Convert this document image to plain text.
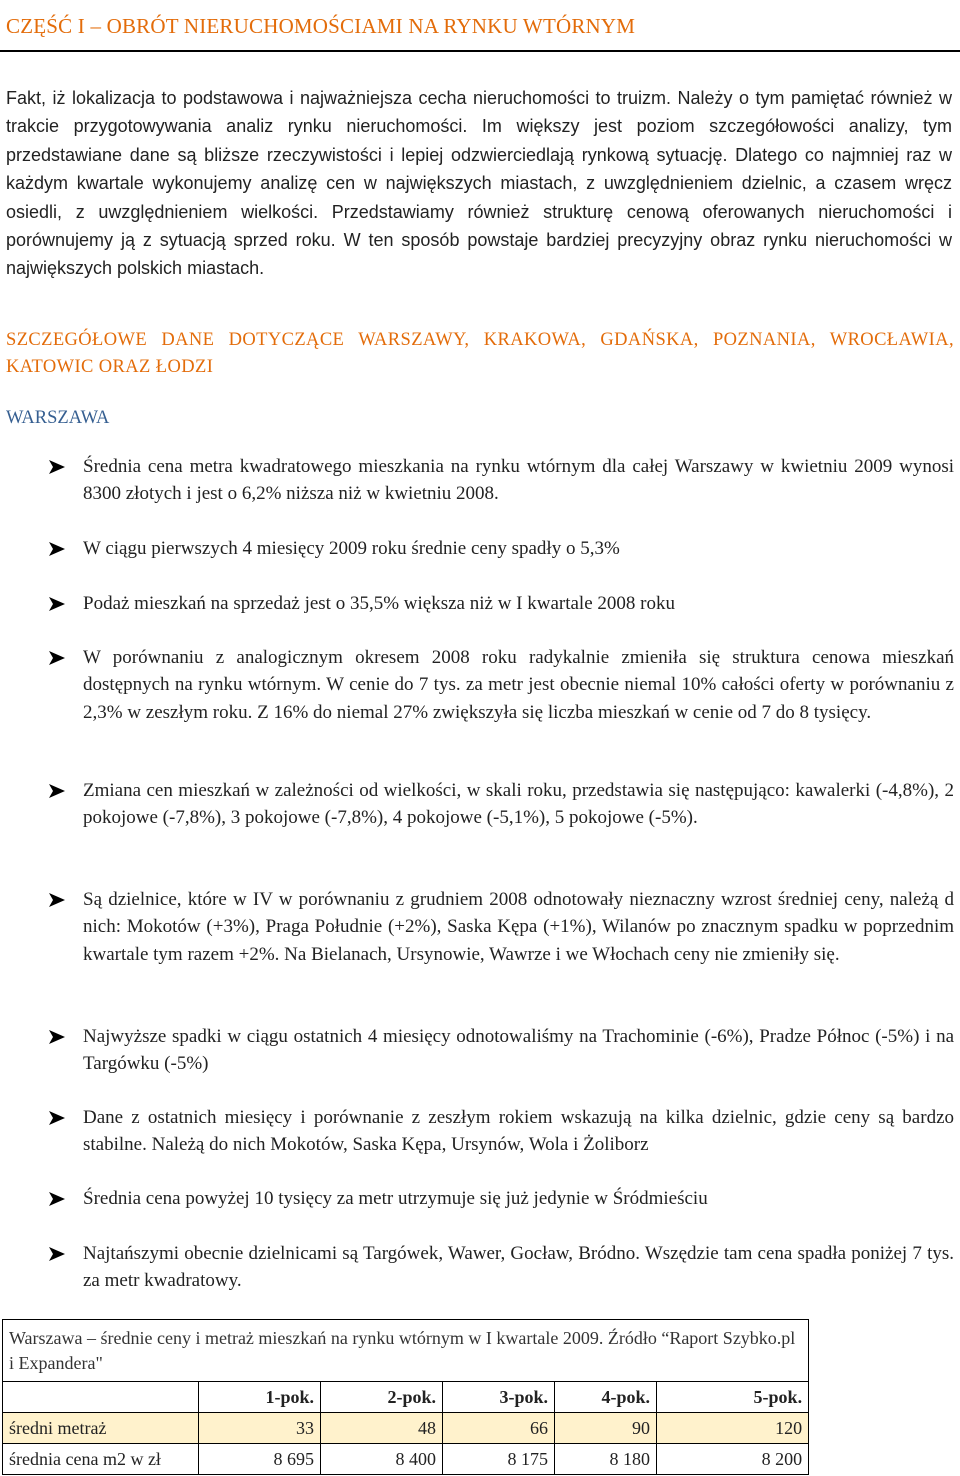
CZĘŚĆ I – OBRÓT NIERUCHOMOŚCIAMI NA RYNKU WTÓRNYM

Fakt, iż lokalizacja to podstawowa i najważniejsza cecha nieruchomości to truizm. Należy o tym pamiętać również w trakcie przygotowywania analiz rynku nieruchomości. Im większy jest poziom szczegółowości analizy, tym przedstawiane dane są bliższe rzeczywistości i lepiej odzwierciedlają rynkową sytuację. Dlatego co najmniej raz w każdym kwartale wykonujemy analizę cen w największych miastach, z uwzględnieniem dzielnic, a czasem wręcz osiedli, z uwzględnieniem wielkości. Przedstawiamy również strukturę cenową oferowanych nieruchomości i porównujemy ją z sytuacją sprzed roku. W ten sposób powstaje bardziej precyzyjny obraz rynku nieruchomości w największych polskich miastach.

SZCZEGÓŁOWE DANE DOTYCZĄCE WARSZAWY, KRAKOWA, GDAŃSKA, POZNANIA, WROCŁAWIA, KATOWIC ORAZ ŁODZI
WARSZAWA
Średnia cena metra kwadratowego mieszkania na rynku wtórnym dla całej Warszawy w kwietniu 2009 wynosi 8300 złotych i jest o 6,2% niższa niż w kwietniu 2008.
W ciągu pierwszych 4 miesięcy 2009 roku średnie ceny spadły o 5,3%
Podaż mieszkań na sprzedaż jest o 35,5% większa niż w I kwartale 2008 roku
W porównaniu z analogicznym okresem 2008 roku radykalnie zmieniła się struktura cenowa mieszkań dostępnych na rynku wtórnym. W cenie do 7 tys. za metr jest obecnie niemal 10% całości oferty w porównaniu z 2,3% w zeszłym roku. Z 16% do niemal 27% zwiększyła się liczba mieszkań w cenie od 7 do 8 tysięcy.
Zmiana cen mieszkań w zależności od wielkości, w skali roku, przedstawia się następująco: kawalerki (-4,8%), 2 pokojowe (-7,8%), 3 pokojowe (-7,8%), 4 pokojowe (-5,1%), 5 pokojowe (-5%).
Są dzielnice, które w IV w porównaniu z grudniem 2008 odnotowały nieznaczny wzrost średniej ceny, należą d nich: Mokotów (+3%), Praga Południe (+2%), Saska Kępa (+1%), Wilanów po znacznym spadku w poprzednim kwartale tym razem +2%. Na Bielanach, Ursynowie, Wawrze i we Włochach ceny nie zmieniły się.
Najwyższe spadki w ciągu ostatnich 4 miesięcy odnotowaliśmy na Trachominie (-6%), Pradze Północ (-5%) i na Targówku (-5%)
Dane z ostatnich miesięcy i porównanie z zeszłym rokiem wskazują na kilka dzielnic, gdzie ceny są bardzo stabilne. Należą do nich Mokotów, Saska Kępa, Ursynów, Wola i Żoliborz
Średnia cena powyżej 10 tysięcy za metr utrzymuje się już jedynie w Śródmieściu
Najtańszymi obecnie dzielnicami są Targówek, Wawer, Gocław, Bródno. Wszędzie tam cena spadła poniżej 7 tys. za metr kwadratowy.
Warszawa – średnie ceny i metraż mieszkań na rynku wtórnym w I kwartale 2009. Źródło “Raport Szybko.pl i Expandera"					
	1-pok.	2-pok.	3-pok.	4-pok.	5-pok.
średni metraż	33	48	66	90	120
średnia cena m2 w zł	8 695	8 400	8 175	8 180	8 200
